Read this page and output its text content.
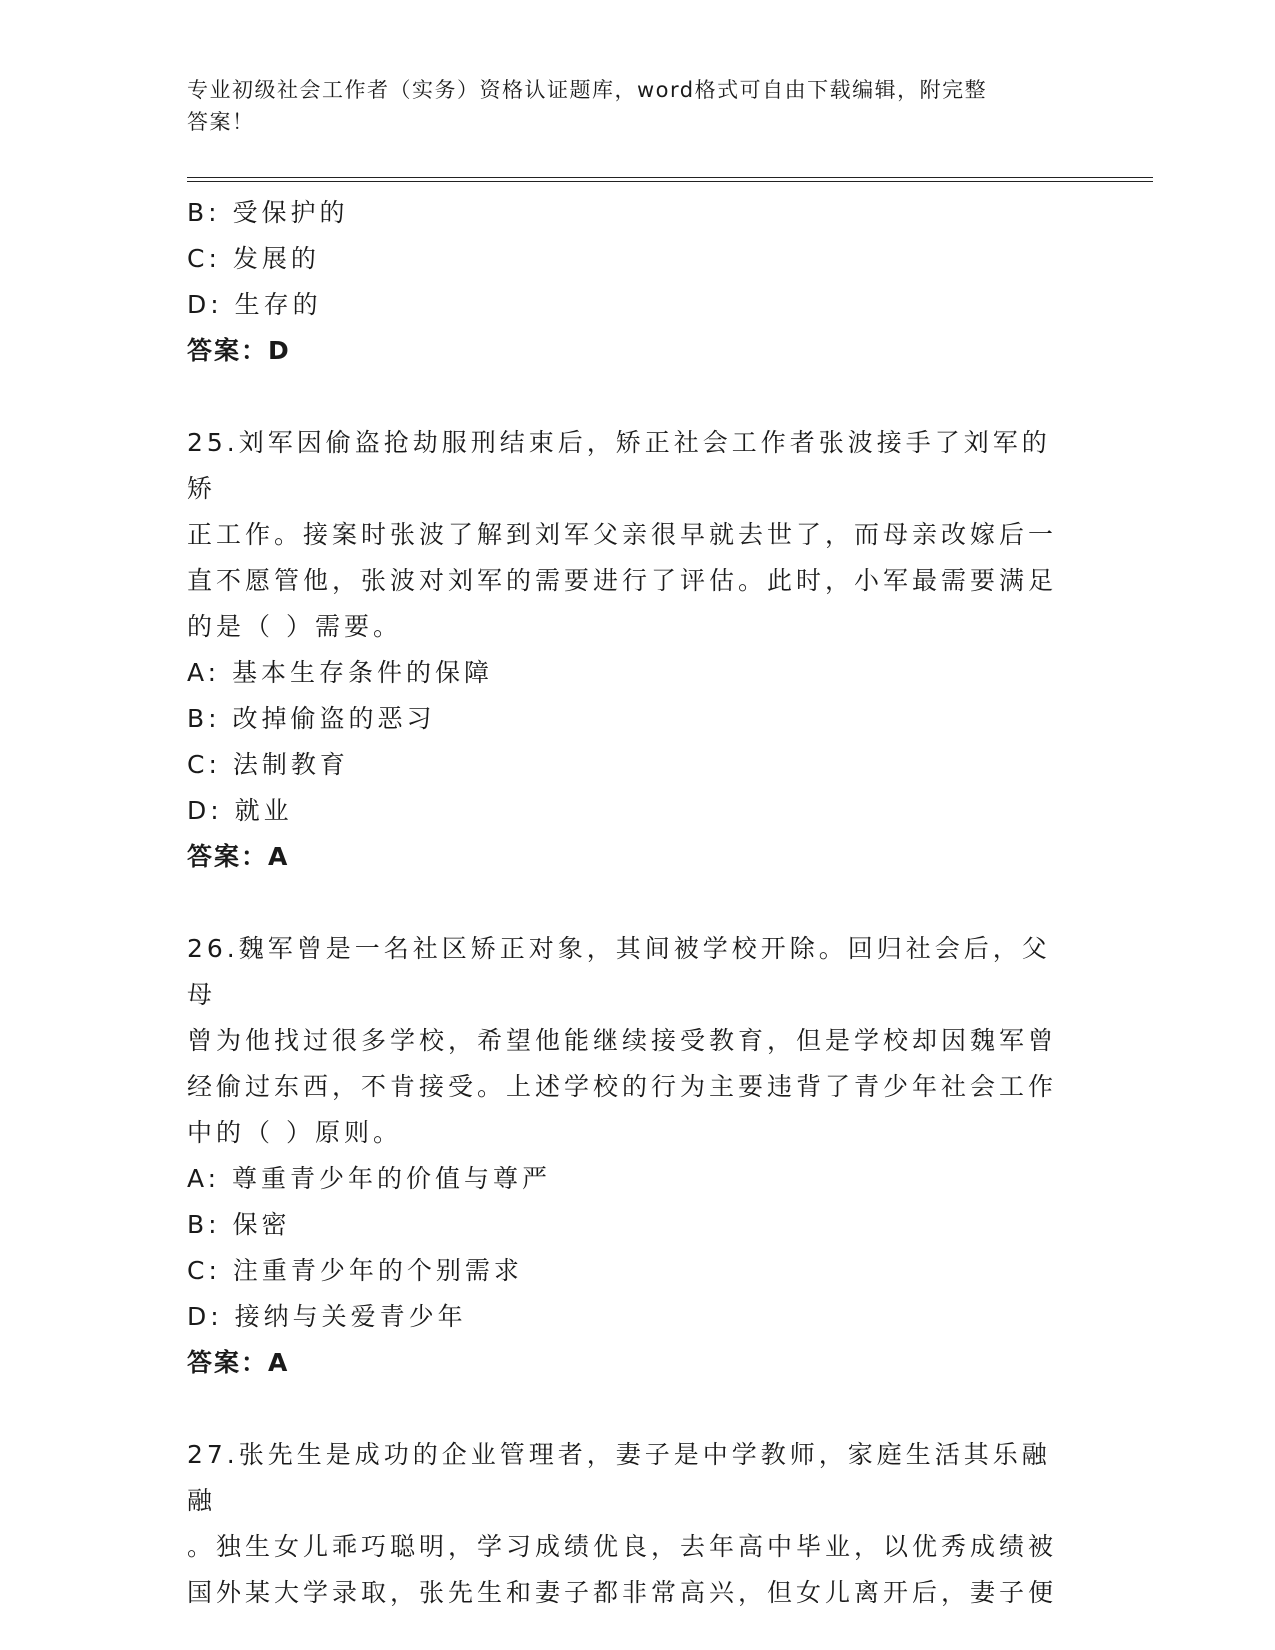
专业初级社会工作者（实务）资格认证题库，word格式可自由下载编辑，附完整
答案！
B: 受保护的
C: 发展的
D: 生存的
答案：D
25.刘军因偷盗抢劫服刑结束后，矫正社会工作者张波接手了刘军的矫
正工作。接案时张波了解到刘军父亲很早就去世了，而母亲改嫁后一
直不愿管他，张波对刘军的需要进行了评估。此时，小军最需要满足
的是（ ）需要。
A: 基本生存条件的保障
B: 改掉偷盗的恶习
C: 法制教育
D: 就业
答案：A
26.魏军曾是一名社区矫正对象，其间被学校开除。回归社会后，父母
曾为他找过很多学校，希望他能继续接受教育，但是学校却因魏军曾
经偷过东西，不肯接受。上述学校的行为主要违背了青少年社会工作
中的（ ）原则。
A: 尊重青少年的价值与尊严
B: 保密
C: 注重青少年的个别需求
D: 接纳与关爱青少年
答案：A
27.张先生是成功的企业管理者，妻子是中学教师，家庭生活其乐融融
。独生女儿乖巧聪明，学习成绩优良，去年高中毕业，以优秀成绩被
国外某大学录取，张先生和妻子都非常高兴，但女儿离开后，妻子便
